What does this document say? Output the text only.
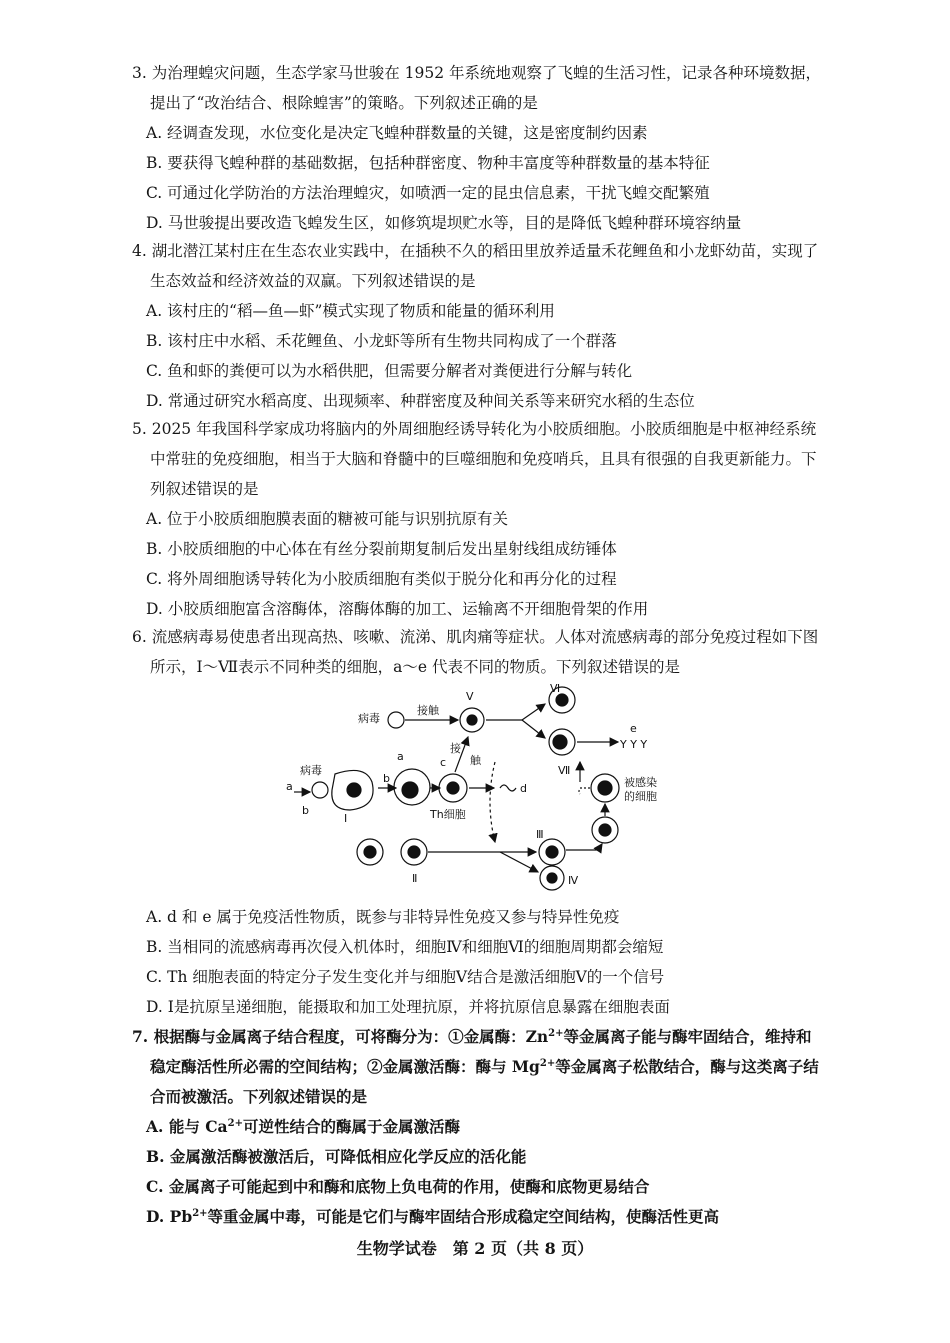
3. 为治理蝗灾问题，生态学家马世骏在 1952 年系统地观察了飞蝗的生活习性，记录各种环境数据，提出了“改治结合、根除蝗害”的策略。下列叙述正确的是
A. 经调查发现，水位变化是决定飞蝗种群数量的关键，这是密度制约因素
B. 要获得飞蝗种群的基础数据，包括种群密度、物种丰富度等种群数量的基本特征
C. 可通过化学防治的方法治理蝗灾，如喷洒一定的昆虫信息素，干扰飞蝗交配繁殖
D. 马世骏提出要改造飞蝗发生区，如修筑堤坝贮水等，目的是降低飞蝗种群环境容纳量
4. 湖北潜江某村庄在生态农业实践中，在插秧不久的稻田里放养适量禾花鲤鱼和小龙虾幼苗，实现了生态效益和经济效益的双赢。下列叙述错误的是
A. 该村庄的“稻—鱼—虾”模式实现了物质和能量的循环利用
B. 该村庄中水稻、禾花鲤鱼、小龙虾等所有生物共同构成了一个群落
C. 鱼和虾的粪便可以为水稻供肥，但需要分解者对粪便进行分解与转化
D. 常通过研究水稻高度、出现频率、种群密度及种间关系等来研究水稻的生态位
5. 2025 年我国科学家成功将脑内的外周细胞经诱导转化为小胶质细胞。小胶质细胞是中枢神经系统中常驻的免疫细胞，相当于大脑和脊髓中的巨噬细胞和免疫哨兵，且具有很强的自我更新能力。下列叙述错误的是
A. 位于小胶质细胞膜表面的糖被可能与识别抗原有关
B. 小胶质细胞的中心体在有丝分裂前期复制后发出星射线组成纺锤体
C. 将外周细胞诱导转化为小胶质细胞有类似于脱分化和再分化的过程
D. 小胶质细胞富含溶酶体，溶酶体酶的加工、运输离不开细胞骨架的作用
6. 流感病毒易使患者出现高热、咳嗽、流涕、肌肉痛等症状。人体对流感病毒的部分免疫过程如下图所示，Ⅰ～Ⅶ表示不同种类的细胞，a～e 代表不同的物质。下列叙述错误的是
病毒
接触
Ⅴ
Ⅵ
Ⅶ
e
Y Y Y
病毒
a
b
Ⅰ
a
b
c
接
触
d
Th细胞
被感染
的细胞
Ⅱ
Ⅲ
Ⅳ
A. d 和 e 属于免疫活性物质，既参与非特异性免疫又参与特异性免疫
B. 当相同的流感病毒再次侵入机体时，细胞Ⅳ和细胞Ⅵ的细胞周期都会缩短
C. Th 细胞表面的特定分子发生变化并与细胞Ⅴ结合是激活细胞Ⅴ的一个信号
D. Ⅰ是抗原呈递细胞，能摄取和加工处理抗原，并将抗原信息暴露在细胞表面
7. 根据酶与金属离子结合程度，可将酶分为：①金属酶：$Zn^{2+}$等金属离子能与酶牢固结合，维持和稳定酶活性所必需的空间结构；②金属激活酶：酶与 $Mg^{2+}$等金属离子松散结合，酶与这类离子结合而被激活。下列叙述错误的是
A. 能与 $Ca^{2+}$可逆性结合的酶属于金属激活酶
B. 金属激活酶被激活后，可降低相应化学反应的活化能
C. 金属离子可能起到中和酶和底物上负电荷的作用，使酶和底物更易结合
D. $Pb^{2+}$等重金属中毒，可能是它们与酶牢固结合形成稳定空间结构，使酶活性更高
生物学试卷　第 2 页（共 8 页）
